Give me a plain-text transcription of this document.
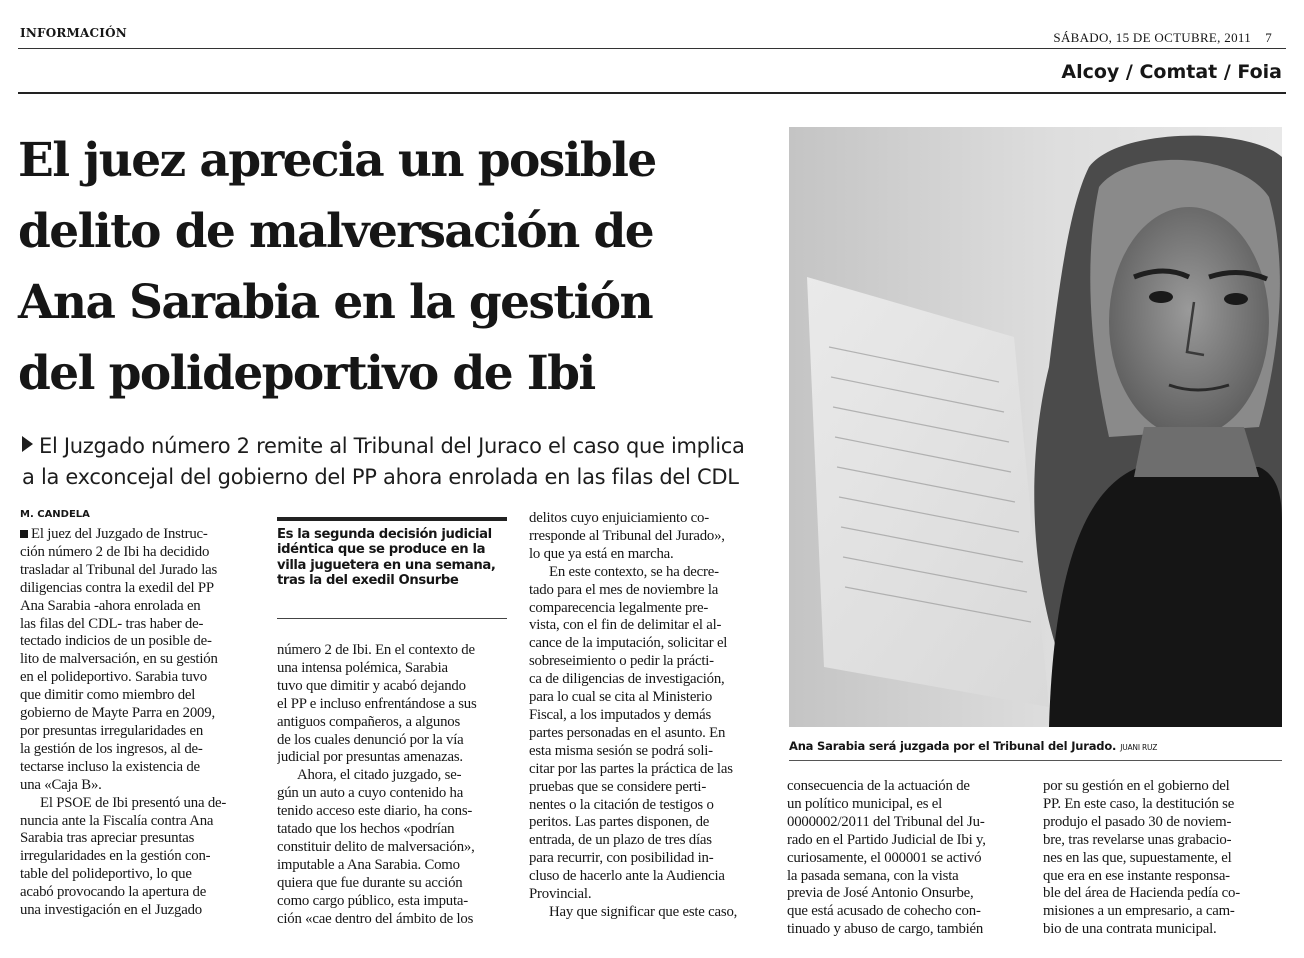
INFORMACIÓN	SÁBADO, 15 DE OCTUBRE, 2011    7
Alcoy / Comtat / Foia
El juez aprecia un posible
delito de malversación de
Ana Sarabia en la gestión
del polideportivo de Ibi
El Juzgado número 2 remite al Tribunal del Juraco el caso que implica
a la exconcejal del gobierno del PP ahora enrolada en las filas del CDL
M. CANDELA
El juez del Juzgado de Instruc-
ción número 2 de Ibi ha decidido
trasladar al Tribunal del Jurado las
diligencias contra la exedil del PP
Ana Sarabia -ahora enrolada en
las filas del CDL- tras haber de-
tectado indicios de un posible de-
lito de malversación, en su gestión
en el polideportivo. Sarabia tuvo
que dimitir como miembro del
gobierno de Mayte Parra en 2009,
por presuntas irregularidades en
la gestión de los ingresos, al de-
tectarse incluso la existencia de
una «Caja B».
El PSOE de Ibi presentó una de-
nuncia ante la Fiscalía contra Ana
Sarabia tras apreciar presuntas
irregularidades en la gestión con-
table del polideportivo, lo que
acabó provocando la apertura de
una investigación en el Juzgado
Es la segunda decisión judicial
idéntica que se produce en la
villa juguetera en una semana,
tras la del exedil Onsurbe
número 2 de Ibi. En el contexto de
una intensa polémica, Sarabia
tuvo que dimitir y acabó dejando
el PP e incluso enfrentándose a sus
antiguos compañeros, a algunos
de los cuales denunció por la vía
judicial por presuntas amenazas.
Ahora, el citado juzgado, se-
gún un auto a cuyo contenido ha
tenido acceso este diario, ha cons-
tatado que los hechos «podrían
constituir delito de malversación»,
imputable a Ana Sarabia. Como
quiera que fue durante su acción
como cargo público, esta imputa-
ción «cae dentro del ámbito de los
delitos cuyo enjuiciamiento co-
rresponde al Tribunal del Jurado»,
lo que ya está en marcha.
En este contexto, se ha decre-
tado para el mes de noviembre la
comparecencia legalmente pre-
vista, con el fin de delimitar el al-
cance de la imputación, solicitar el
sobreseimiento o pedir la prácti-
ca de diligencias de investigación,
para lo cual se cita al Ministerio
Fiscal, a los imputados y demás
partes personadas en el asunto. En
esta misma sesión se podrá soli-
citar por las partes la práctica de las
pruebas que se considere perti-
nentes o la citación de testigos o
peritos. Las partes disponen, de
entrada, de un plazo de tres días
para recurrir, con posibilidad in-
cluso de hacerlo ante la Audiencia
Provincial.
Hay que significar que este caso,
Ana Sarabia será juzgada por el Tribunal del Jurado. JUANI RUZ
consecuencia de la actuación de
un político municipal, es el
0000002/2011 del Tribunal del Ju-
rado en el Partido Judicial de Ibi y,
curiosamente, el 000001 se activó
la pasada semana, con la vista
previa de José Antonio Onsurbe,
que está acusado de cohecho con-
tinuado y abuso de cargo, también
por su gestión en el gobierno del
PP. En este caso, la destitución se
produjo el pasado 30 de noviem-
bre, tras revelarse unas grabacio-
nes en las que, supuestamente, el
que era en ese instante responsa-
ble del área de Hacienda pedía co-
misiones a un empresario, a cam-
bio de una contrata municipal.
